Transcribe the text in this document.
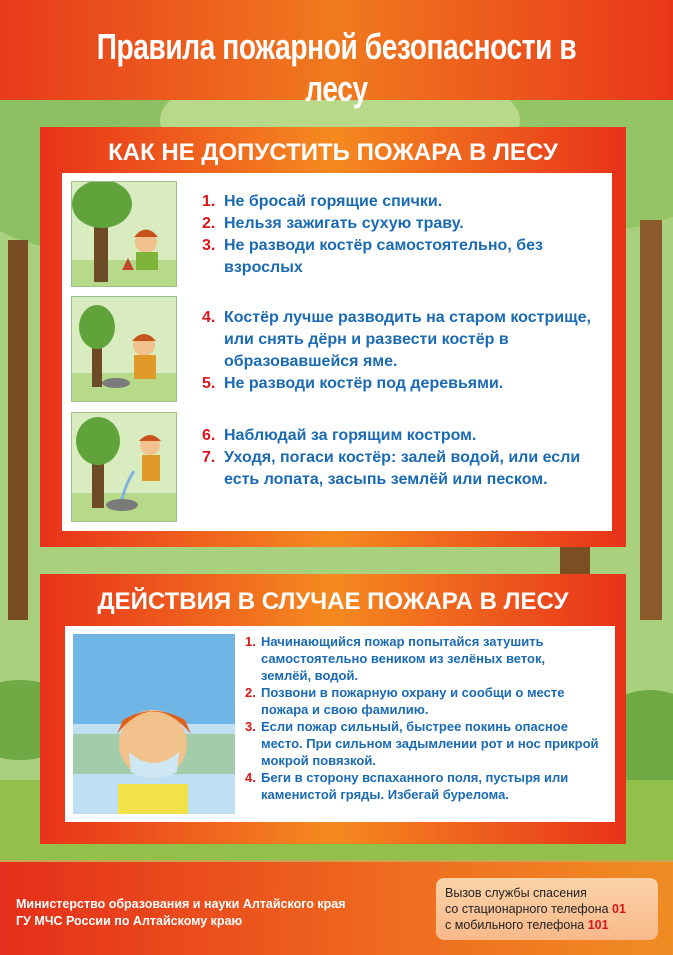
Правила пожарной безопасности в лесу
КАК НЕ ДОПУСТИТЬ ПОЖАРА В ЛЕСУ
1. Не бросай горящие спички.
2. Нельзя зажигать сухую траву.
3. Не разводи костёр самостоятельно, без взрослых
4. Костёр лучше разводить на старом кострище, или снять дёрн и развести костёр в образовавшейся яме.
5. Не разводи костёр под деревьями.
6. Наблюдай за горящим костром.
7. Уходя, погаси костёр: залей водой, или если есть лопата, засыпь землёй или песком.
ДЕЙСТВИЯ В СЛУЧАЕ ПОЖАРА В ЛЕСУ
1. Начинающийся пожар попытайся затушить самостоятельно веником из зелёных веток, землёй, водой.
2. Позвони в пожарную охрану и сообщи о месте пожара и свою фамилию.
3. Если пожар сильный, быстрее покинь опасное место. При сильном задымлении рот и нос прикрой мокрой повязкой.
4. Беги в сторону вспаханного поля, пустыря или каменистой гряды. Избегай бурелома.
Министерство образования и науки Алтайского края
ГУ МЧС России по Алтайскому краю
Вызов службы спасения
со стационарного телефона 01
с мобильного телефона 101
